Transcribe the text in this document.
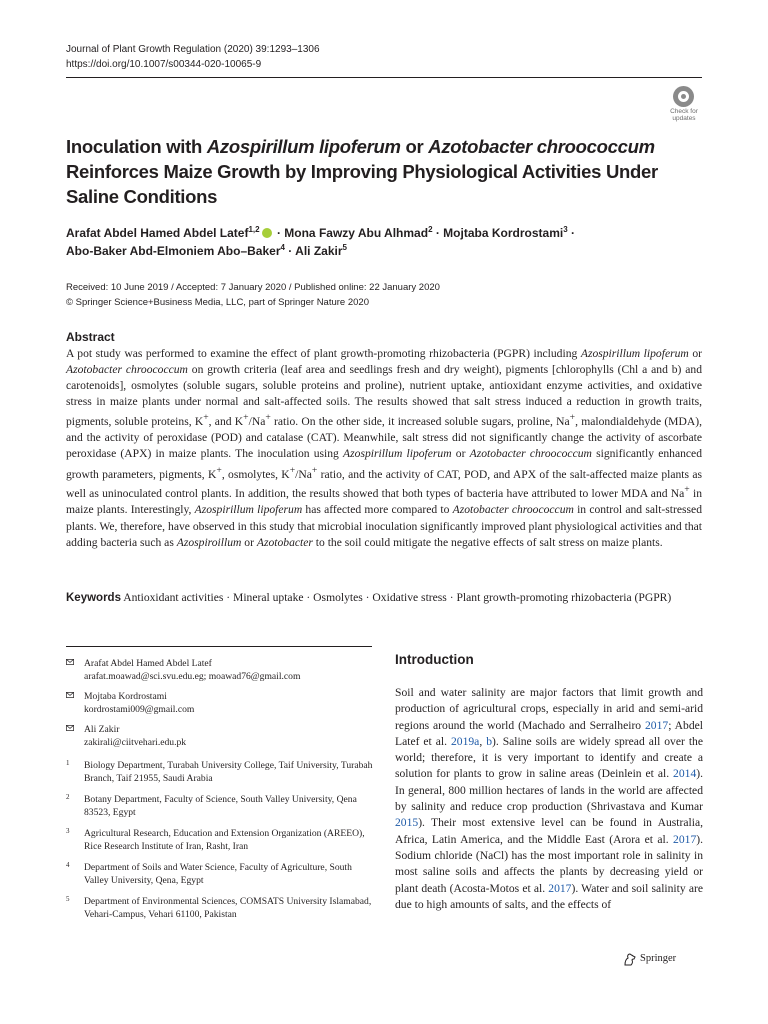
Journal of Plant Growth Regulation (2020) 39:1293–1306
https://doi.org/10.1007/s00344-020-10065-9
Check for
updates
Inoculation with Azospirillum lipoferum or Azotobacter chroococcum Reinforces Maize Growth by Improving Physiological Activities Under Saline Conditions
Arafat Abdel Hamed Abdel Latef$^{1,2}$ · Mona Fawzy Abu Alhmad$^2$ · Mojtaba Kordrostami$^3$ ·
Abo-Baker Abd-Elmoniem Abo–Baker$^4$ · Ali Zakir$^5$
Received: 10 June 2019 / Accepted: 7 January 2020 / Published online: 22 January 2020
© Springer Science+Business Media, LLC, part of Springer Nature 2020
Abstract
A pot study was performed to examine the effect of plant growth-promoting rhizobacteria (PGPR) including Azospirillum lipoferum or Azotobacter chroococcum on growth criteria (leaf area and seedlings fresh and dry weight), pigments [chlorophylls (Chl a and b) and carotenoids], osmolytes (soluble sugars, soluble proteins and proline), nutrient uptake, antioxidant enzyme activities, and oxidative stress in maize plants under normal and salt-affected soils. The results showed that salt stress induced a reduction in growth traits, pigments, soluble proteins, K+, and K+/Na+ ratio. On the other side, it increased soluble sugars, proline, Na+, malondialdehyde (MDA), and the activity of peroxidase (POD) and catalase (CAT). Meanwhile, salt stress did not significantly change the activity of ascorbate peroxidase (APX) in maize plants. The inoculation using Azospirillum lipoferum or Azotobacter chroococcum significantly enhanced growth parameters, pigments, K+, osmolytes, K+/Na+ ratio, and the activity of CAT, POD, and APX of the salt-affected maize plants as well as uninoculated control plants. In addition, the results showed that both types of bacteria have attributed to lower MDA and Na+ in maize plants. Interestingly, Azospirillum lipoferum has affected more compared to Azotobacter chroococcum in control and salt-stressed plants. We, therefore, have observed in this study that microbial inoculation significantly improved plant physiological activities and that adding bacteria such as Azospiroillum or Azotobacter to the soil could mitigate the negative effects of salt stress on maize plants.
Keywords Antioxidant activities · Mineral uptake · Osmolytes · Oxidative stress · Plant growth-promoting rhizobacteria (PGPR)
Arafat Abdel Hamed Abdel Latef
arafat.moawad@sci.svu.edu.eg; moawad76@gmail.com
Mojtaba Kordrostami
kordrostami009@gmail.com
Ali Zakir
zakirali@ciitvehari.edu.pk
1 Biology Department, Turabah University College, Taif University, Turabah Branch, Taif 21955, Saudi Arabia
2 Botany Department, Faculty of Science, South Valley University, Qena 83523, Egypt
3 Agricultural Research, Education and Extension Organization (AREEO), Rice Research Institute of Iran, Rasht, Iran
4 Department of Soils and Water Science, Faculty of Agriculture, South Valley University, Qena, Egypt
5 Department of Environmental Sciences, COMSATS University Islamabad, Vehari-Campus, Vehari 61100, Pakistan
Introduction
Soil and water salinity are major factors that limit growth and production of agricultural crops, especially in arid and semi-arid regions around the world (Machado and Serralheiro 2017; Abdel Latef et al. 2019a, b). Saline soils are widely spread all over the world; therefore, it is very important to identify and create a solution for plants to grow in saline areas (Deinlein et al. 2014). In general, 800 million hectares of lands in the world are affected by salinity and reduce crop production (Shrivastava and Kumar 2015). Their most extensive level can be found in Australia, Africa, Latin America, and the Middle East (Arora et al. 2017). Sodium chloride (NaCl) has the most important role in salinity in most saline soils and affects the plants by decreasing yield or plant death (Acosta-Motos et al. 2017). Water and soil salinity are due to high amounts of salts, and the effects of
Springer
